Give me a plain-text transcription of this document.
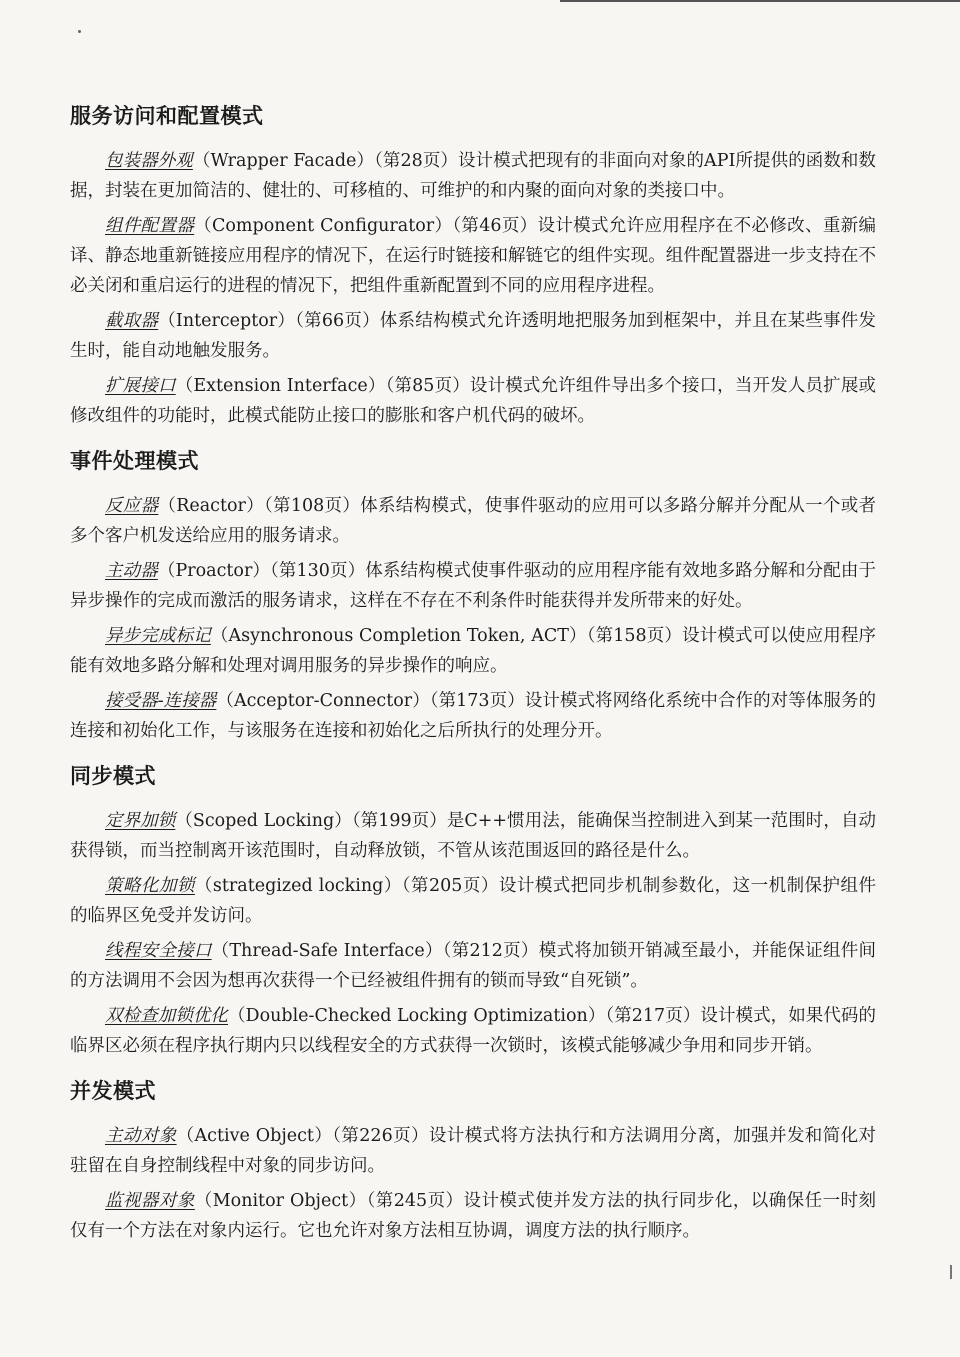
服务访问和配置模式

包装器外观（Wrapper Facade）（第28页）设计模式把现有的非面向对象的API所提供的函数和数据，封装在更加简洁的、健壮的、可移植的、可维护的和内聚的面向对象的类接口中。

组件配置器（Component Configurator）（第46页）设计模式允许应用程序在不必修改、重新编译、静态地重新链接应用程序的情况下，在运行时链接和解链它的组件实现。组件配置器进一步支持在不必关闭和重启运行的进程的情况下，把组件重新配置到不同的应用程序进程。

截取器（Interceptor）（第66页）体系结构模式允许透明地把服务加到框架中，并且在某些事件发生时，能自动地触发服务。

扩展接口（Extension Interface）（第85页）设计模式允许组件导出多个接口，当开发人员扩展或修改组件的功能时，此模式能防止接口的膨胀和客户机代码的破坏。

事件处理模式

反应器（Reactor）（第108页）体系结构模式，使事件驱动的应用可以多路分解并分配从一个或者多个客户机发送给应用的服务请求。

主动器（Proactor）（第130页）体系结构模式使事件驱动的应用程序能有效地多路分解和分配由于异步操作的完成而激活的服务请求，这样在不存在不利条件时能获得并发所带来的好处。

异步完成标记（Asynchronous Completion Token, ACT）（第158页）设计模式可以使应用程序能有效地多路分解和处理对调用服务的异步操作的响应。

接受器-连接器（Acceptor-Connector）（第173页）设计模式将网络化系统中合作的对等体服务的连接和初始化工作，与该服务在连接和初始化之后所执行的处理分开。

同步模式

定界加锁（Scoped Locking）（第199页）是C++惯用法，能确保当控制进入到某一范围时，自动获得锁，而当控制离开该范围时，自动释放锁，不管从该范围返回的路径是什么。

策略化加锁（strategized locking）（第205页）设计模式把同步机制参数化，这一机制保护组件的临界区免受并发访问。

线程安全接口（Thread-Safe Interface）（第212页）模式将加锁开销减至最小，并能保证组件间的方法调用不会因为想再次获得一个已经被组件拥有的锁而导致“自死锁”。

双检查加锁优化（Double-Checked Locking Optimization）（第217页）设计模式，如果代码的临界区必须在程序执行期内只以线程安全的方式获得一次锁时，该模式能够减少争用和同步开销。

并发模式

主动对象（Active Object）（第226页）设计模式将方法执行和方法调用分离，加强并发和简化对驻留在自身控制线程中对象的同步访问。

监视器对象（Monitor Object）（第245页）设计模式使并发方法的执行同步化，以确保任一时刻仅有一个方法在对象内运行。它也允许对象方法相互协调，调度方法的执行顺序。
